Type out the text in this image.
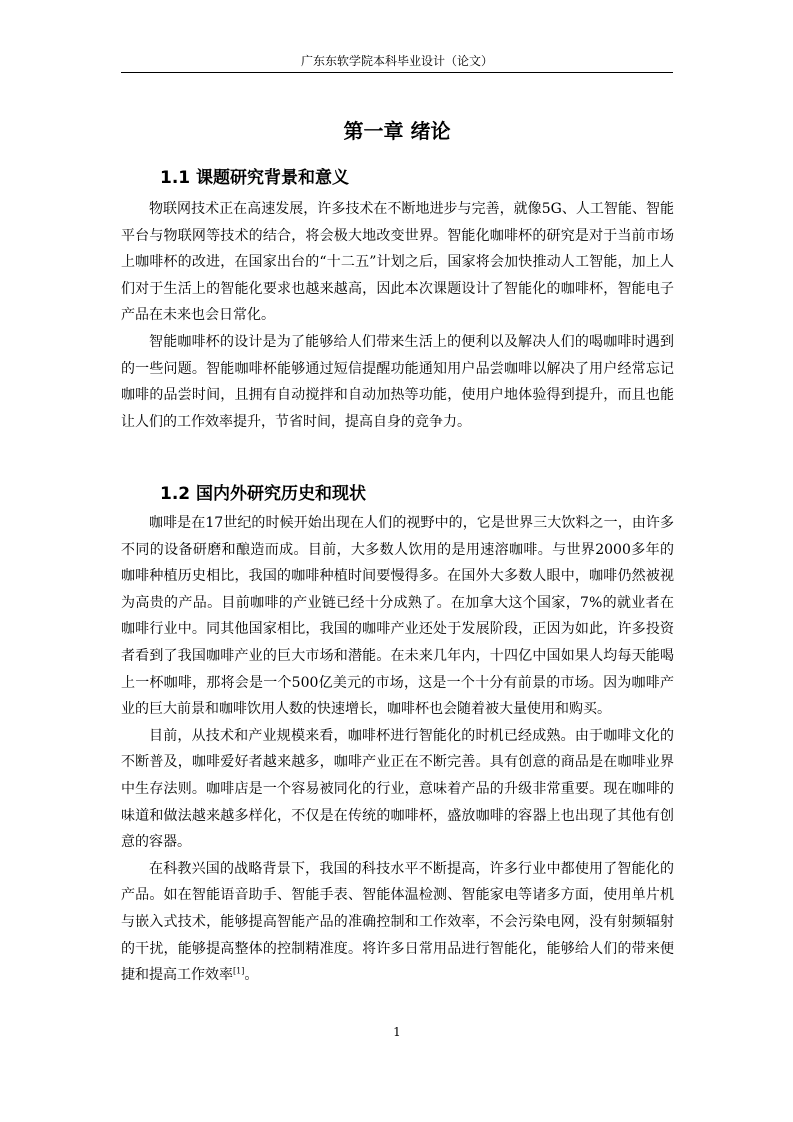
广东东软学院本科毕业设计（论文）
第一章 绪论
1.1 课题研究背景和意义

物联网技术正在高速发展，许多技术在不断地进步与完善，就像5G、人工智能、智能平台与物联网等技术的结合，将会极大地改变世界。智能化咖啡杯的研究是对于当前市场上咖啡杯的改进，在国家出台的“十二五”计划之后，国家将会加快推动人工智能，加上人们对于生活上的智能化要求也越来越高，因此本次课题设计了智能化的咖啡杯，智能电子产品在未来也会日常化。

智能咖啡杯的设计是为了能够给人们带来生活上的便利以及解决人们的喝咖啡时遇到的一些问题。智能咖啡杯能够通过短信提醒功能通知用户品尝咖啡以解决了用户经常忘记咖啡的品尝时间，且拥有自动搅拌和自动加热等功能，使用户地体验得到提升，而且也能让人们的工作效率提升，节省时间，提高自身的竞争力。

1.2 国内外研究历史和现状

咖啡是在17世纪的时候开始出现在人们的视野中的，它是世界三大饮料之一，由许多不同的设备研磨和酿造而成。目前，大多数人饮用的是用速溶咖啡。与世界2000多年的咖啡种植历史相比，我国的咖啡种植时间要慢得多。在国外大多数人眼中，咖啡仍然被视为高贵的产品。目前咖啡的产业链已经十分成熟了。在加拿大这个国家，7%的就业者在咖啡行业中。同其他国家相比，我国的咖啡产业还处于发展阶段，正因为如此，许多投资者看到了我国咖啡产业的巨大市场和潜能。在未来几年内，十四亿中国如果人均每天能喝上一杯咖啡，那将会是一个500亿美元的市场，这是一个十分有前景的市场。因为咖啡产业的巨大前景和咖啡饮用人数的快速增长，咖啡杯也会随着被大量使用和购买。

目前，从技术和产业规模来看，咖啡杯进行智能化的时机已经成熟。由于咖啡文化的不断普及，咖啡爱好者越来越多，咖啡产业正在不断完善。具有创意的商品是在咖啡业界中生存法则。咖啡店是一个容易被同化的行业，意味着产品的升级非常重要。现在咖啡的味道和做法越来越多样化，不仅是在传统的咖啡杯，盛放咖啡的容器上也出现了其他有创意的容器。

在科教兴国的战略背景下，我国的科技水平不断提高，许多行业中都使用了智能化的产品。如在智能语音助手、智能手表、智能体温检测、智能家电等诸多方面，使用单片机与嵌入式技术，能够提高智能产品的准确控制和工作效率，不会污染电网，没有射频辐射的干扰，能够提高整体的控制精准度。将许多日常用品进行智能化，能够给人们的带来便捷和提高工作效率[1]。

1
